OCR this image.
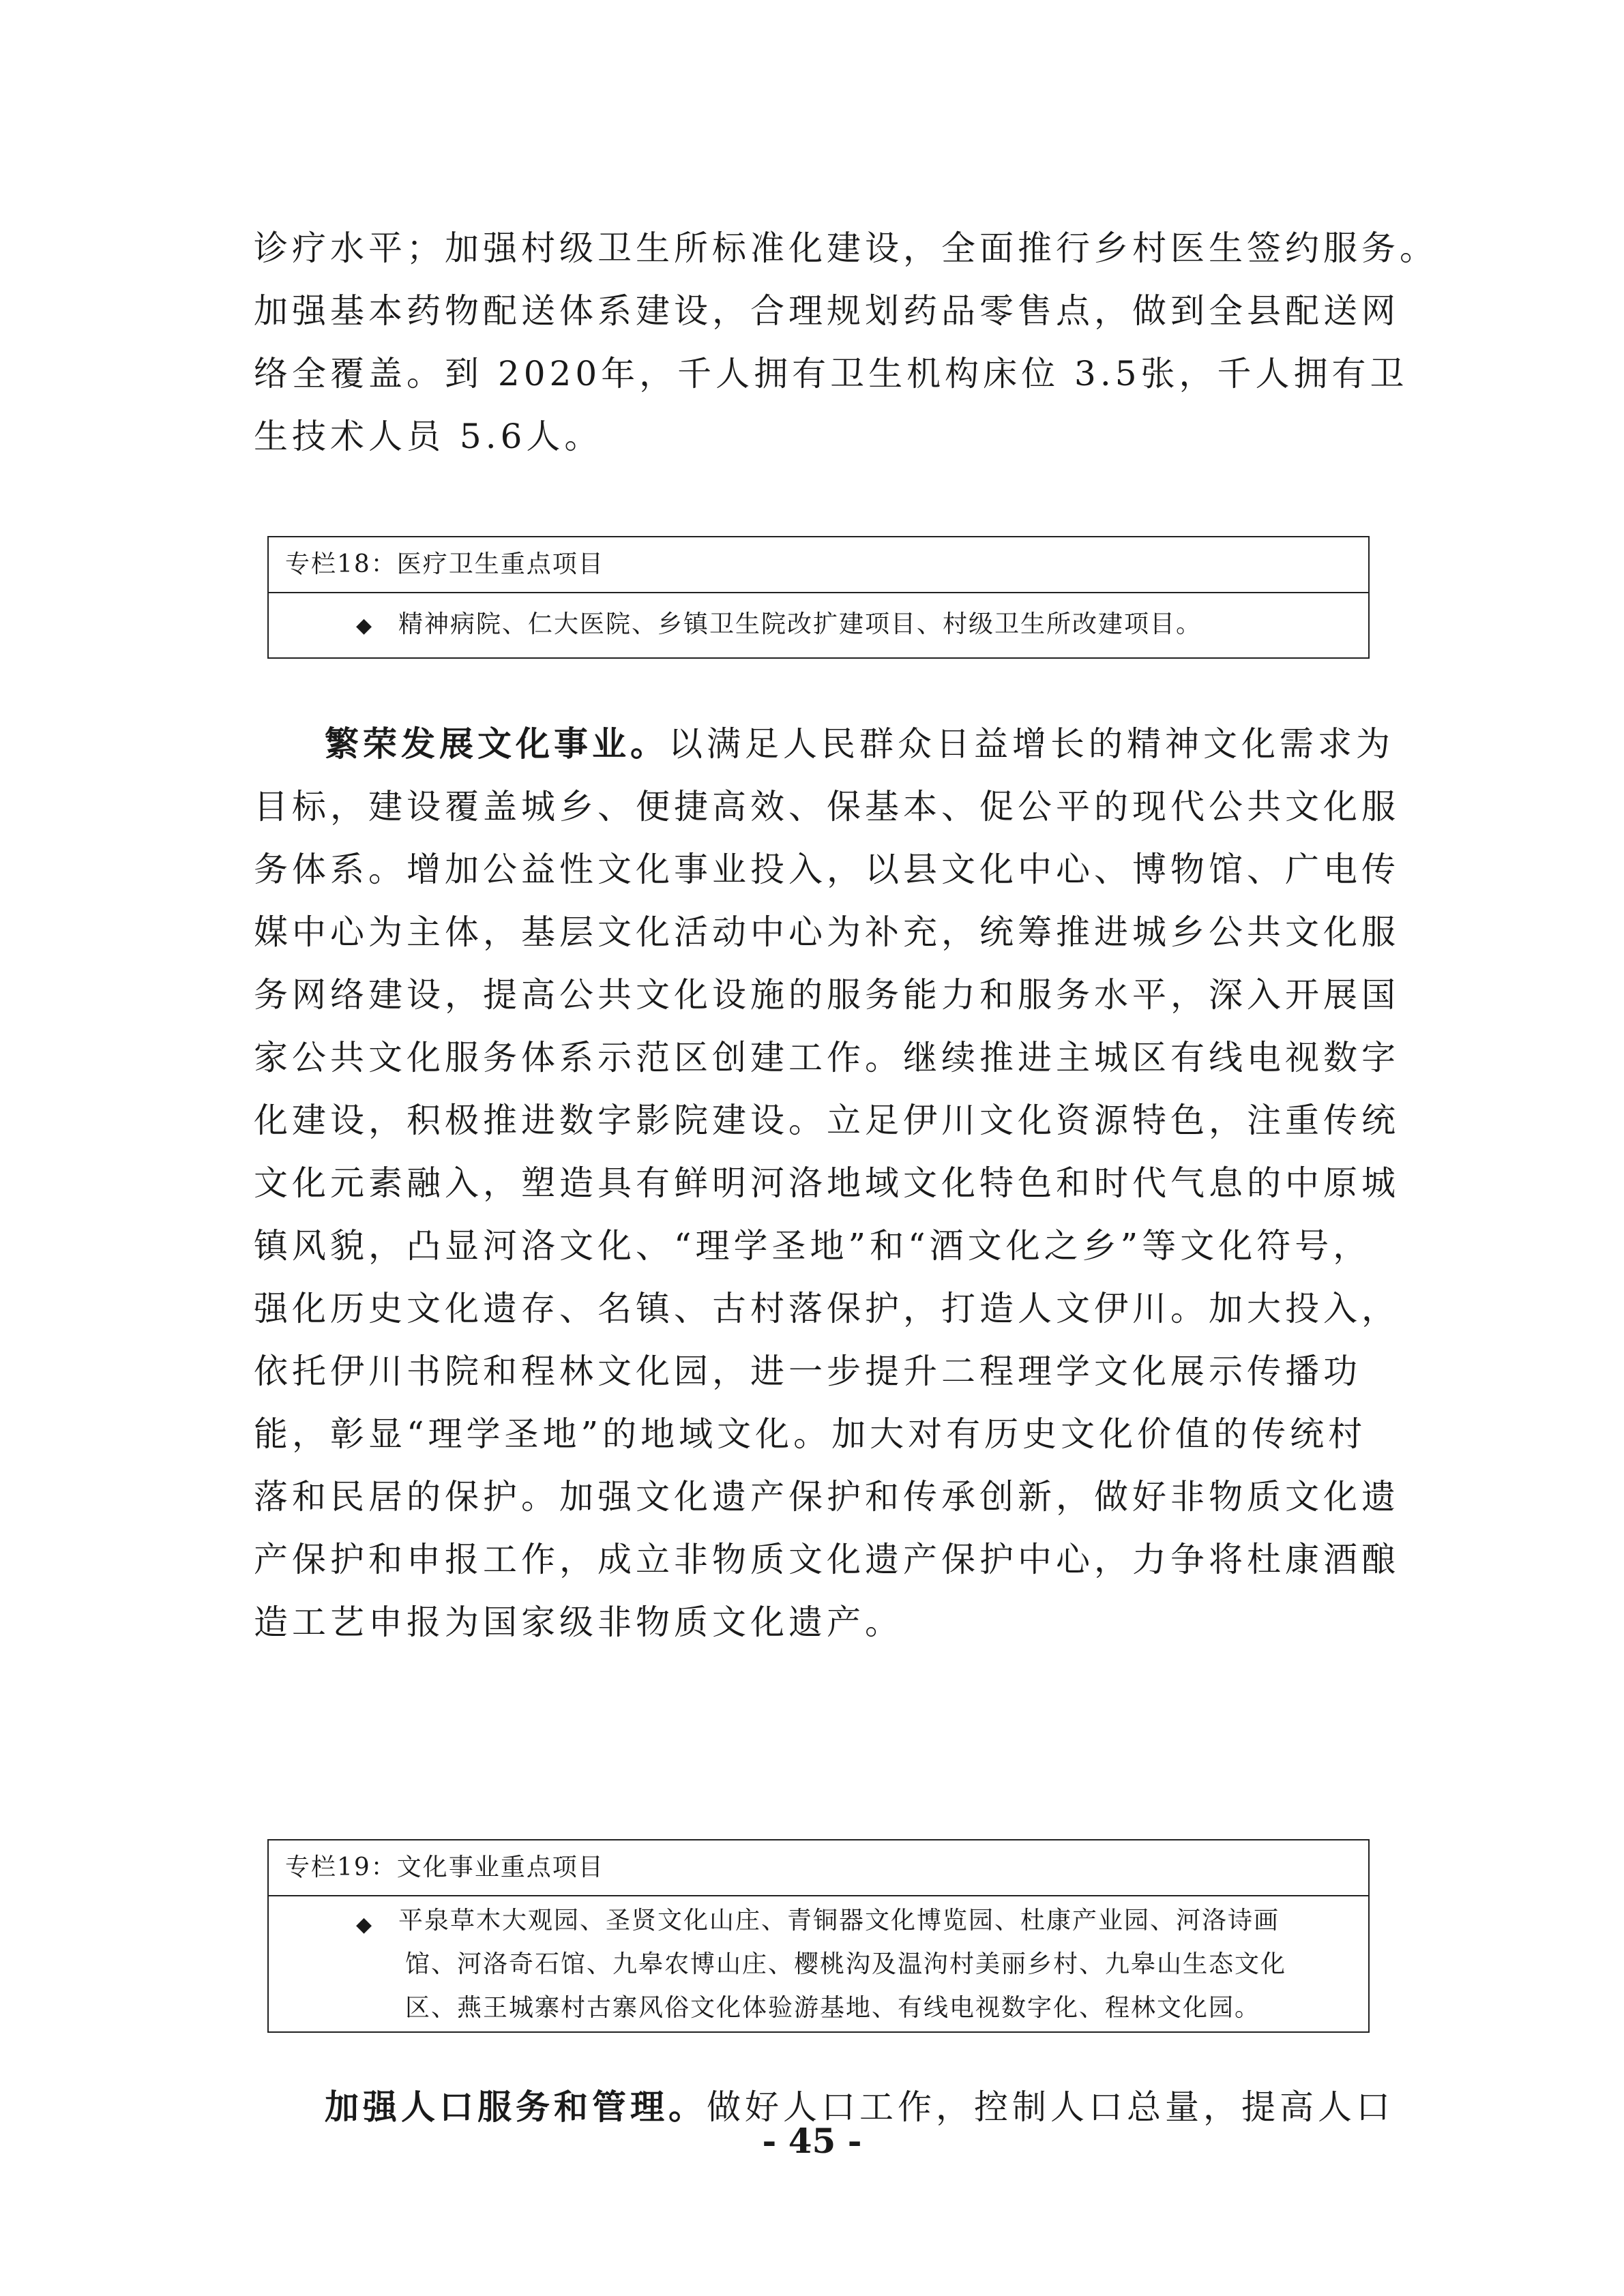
诊疗水平；加强村级卫生所标准化建设，全面推行乡村医生签约服务。
加强基本药物配送体系建设，合理规划药品零售点，做到全县配送网
络全覆盖。到 2020年，千人拥有卫生机构床位 3.5张，千人拥有卫
生技术人员 5.6人。
专栏18：医疗卫生重点项目
◆ 精神病院、仁大医院、乡镇卫生院改扩建项目、村级卫生所改建项目。
繁荣发展文化事业。以满足人民群众日益增长的精神文化需求为
目标，建设覆盖城乡、便捷高效、保基本、促公平的现代公共文化服
务体系。增加公益性文化事业投入，以县文化中心、博物馆、广电传
媒中心为主体，基层文化活动中心为补充，统筹推进城乡公共文化服
务网络建设，提高公共文化设施的服务能力和服务水平，深入开展国
家公共文化服务体系示范区创建工作。继续推进主城区有线电视数字
化建设，积极推进数字影院建设。立足伊川文化资源特色，注重传统
文化元素融入，塑造具有鲜明河洛地域文化特色和时代气息的中原城
镇风貌，凸显河洛文化、“理学圣地”和“酒文化之乡”等文化符号，
强化历史文化遗存、名镇、古村落保护，打造人文伊川。加大投入，
依托伊川书院和程林文化园，进一步提升二程理学文化展示传播功
能，彰显“理学圣地”的地域文化。加大对有历史文化价值的传统村
落和民居的保护。加强文化遗产保护和传承创新，做好非物质文化遗
产保护和申报工作，成立非物质文化遗产保护中心，力争将杜康酒酿
造工艺申报为国家级非物质文化遗产。
专栏19：文化事业重点项目
◆ 平泉草木大观园、圣贤文化山庄、青铜器文化博览园、杜康产业园、河洛诗画
馆、河洛奇石馆、九皋农博山庄、樱桃沟及温泃村美丽乡村、九皋山生态文化
区、燕王城寨村古寨风俗文化体验游基地、有线电视数字化、程林文化园。
加强人口服务和管理。做好人口工作，控制人口总量，提高人口
- 45 -
